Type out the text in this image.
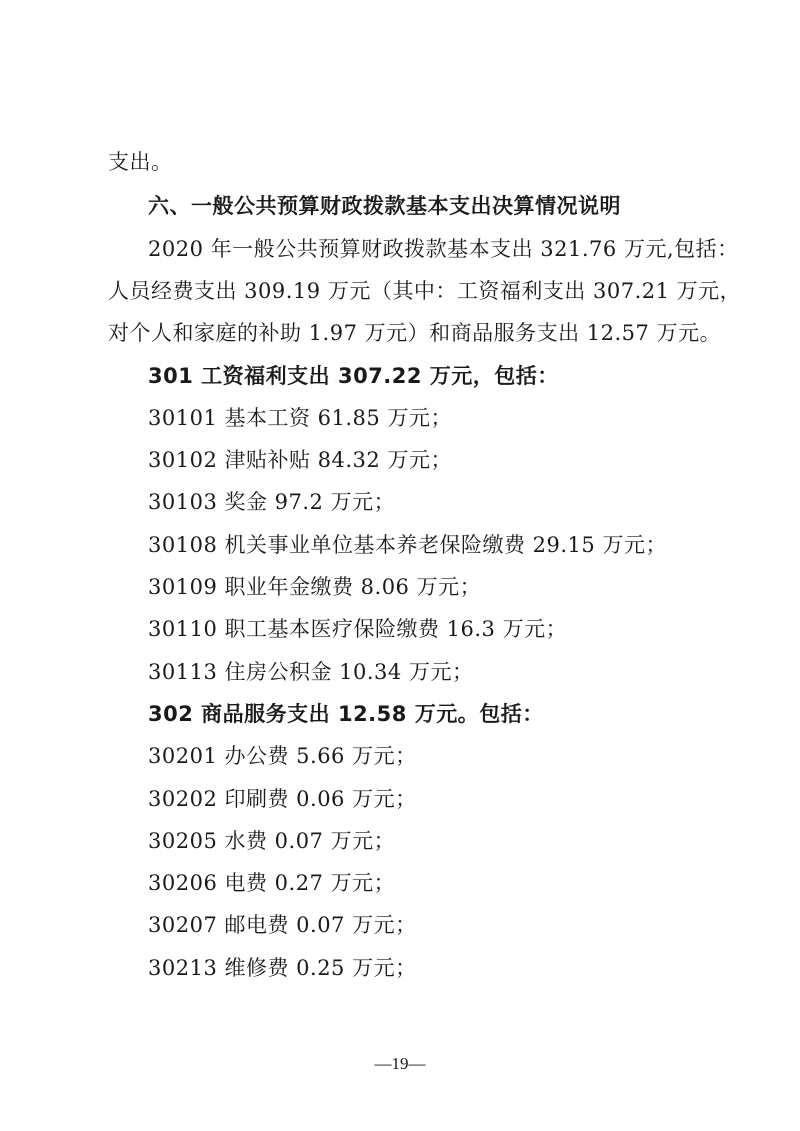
支出。
六、一般公共预算财政拨款基本支出决算情况说明
2020 年一般公共预算财政拨款基本支出 321.76 万元,包括：
人员经费支出 309.19 万元（其中：工资福利支出 307.21 万元，
对个人和家庭的补助 1.97 万元）和商品服务支出 12.57 万元。
301 工资福利支出 307.22 万元，包括：
30101 基本工资 61.85 万元；
30102 津贴补贴 84.32 万元；
30103 奖金 97.2 万元；
30108 机关事业单位基本养老保险缴费 29.15 万元；
30109 职业年金缴费 8.06 万元；
30110 职工基本医疗保险缴费 16.3 万元；
30113 住房公积金 10.34 万元；
302 商品服务支出 12.58 万元。包括：
30201 办公费 5.66 万元；
30202 印刷费 0.06 万元；
30205 水费 0.07 万元；
30206 电费 0.27 万元；
30207 邮电费 0.07 万元；
30213 维修费 0.25 万元；
—19—
